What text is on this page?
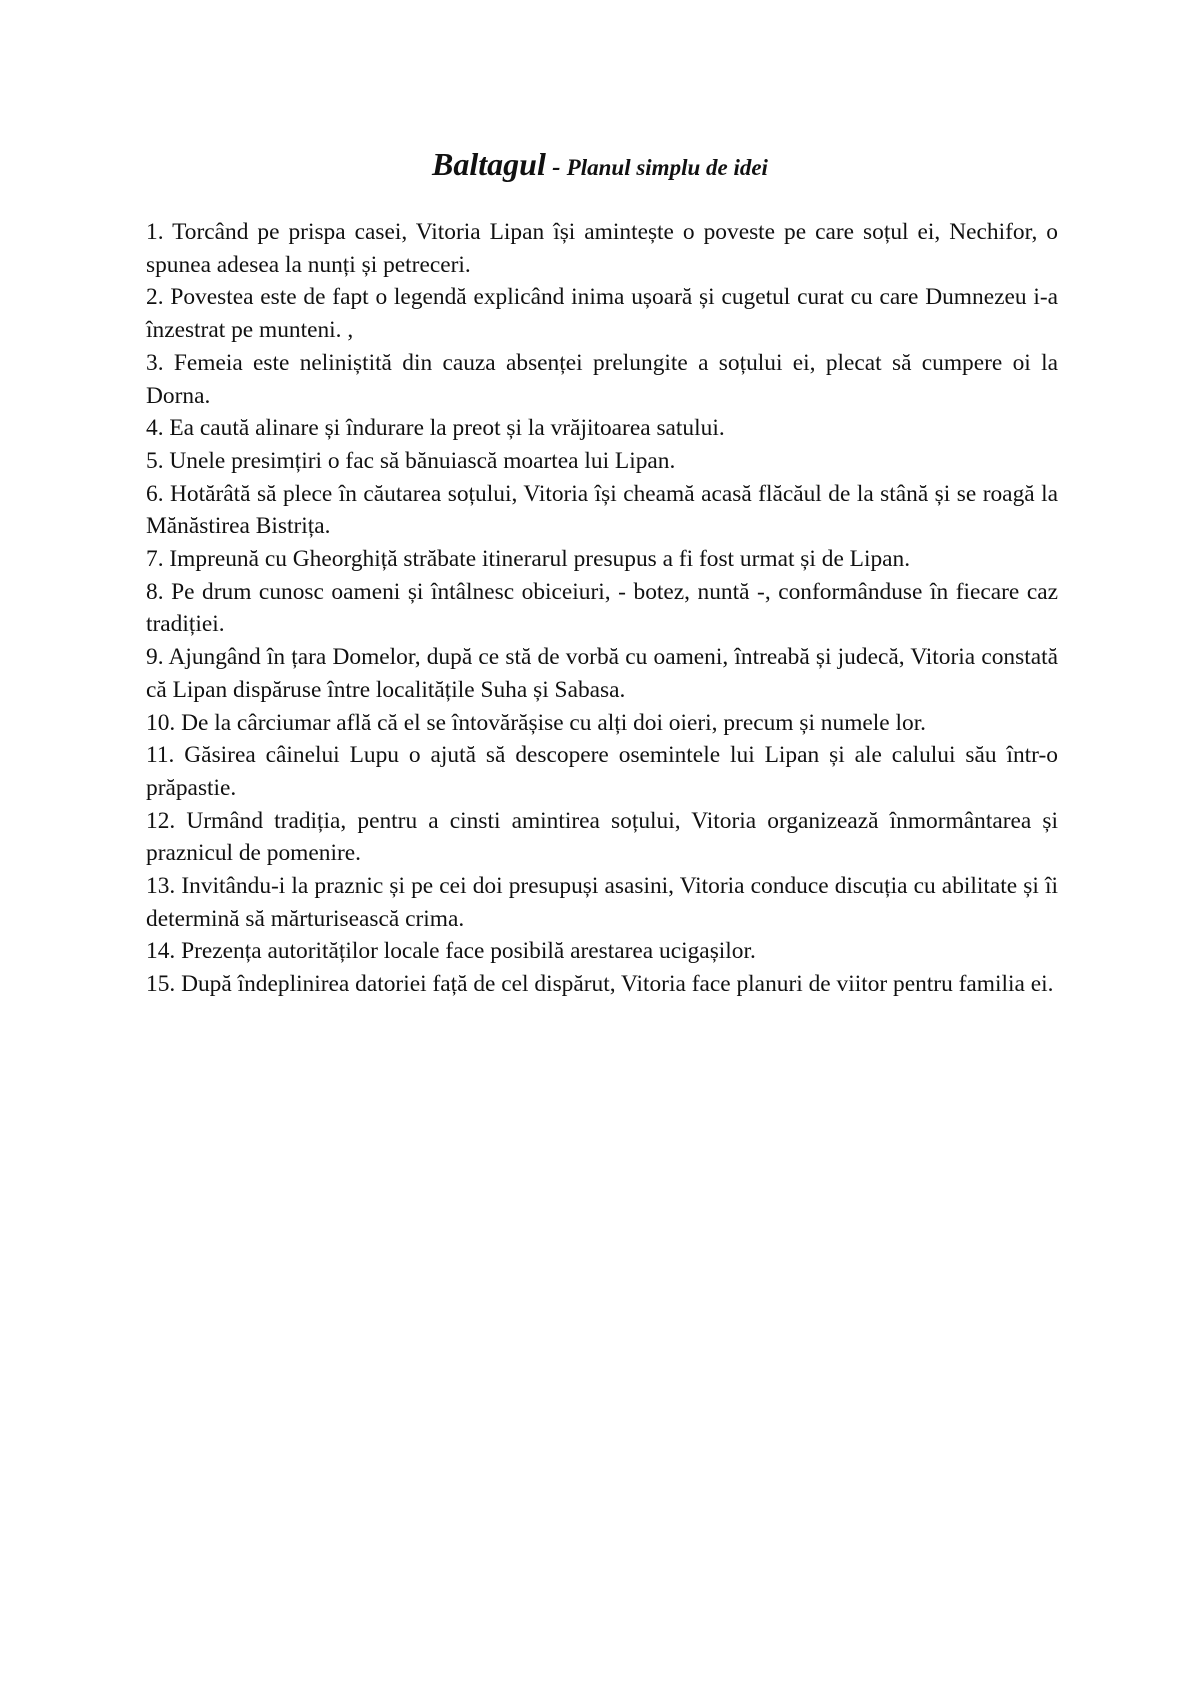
Baltagul - Planul simplu de idei

1. Torcând pe prispa casei, Vitoria Lipan își amintește o poveste pe care soțul ei, Nechifor, o spunea adesea la nunți și petreceri.

2. Povestea este de fapt o legendă explicând inima ușoară și cugetul curat cu care Dumnezeu i-a înzestrat pe munteni. ,

3. Femeia este neliniștită din cauza absenței prelungite a soțului ei, plecat să cumpere oi la Dorna.

4. Ea caută alinare și îndurare la preot și la vrăjitoarea satului.

5. Unele presimțiri o fac să bănuiască moartea lui Lipan.

6. Hotărâtă să plece în căutarea soțului, Vitoria își cheamă acasă flăcăul de la stână și se roagă la Mănăstirea Bistrița.

7. Impreună cu Gheorghiță străbate itinerarul presupus a fi fost urmat și de Lipan.

8. Pe drum cunosc oameni și întâlnesc obiceiuri, - botez, nuntă -, conformânduse în fiecare caz tradiției.

9. Ajungând în țara Domelor, după ce stă de vorbă cu oameni, întreabă și judecă, Vitoria constată că Lipan dispăruse între localitățile Suha și Sabasa.

10. De la cârciumar află că el se întovărășise cu alți doi oieri, precum și numele lor.

11. Găsirea câinelui Lupu o ajută să descopere osemintele lui Lipan și ale calului său într-o prăpastie.

12. Urmând tradiția, pentru a cinsti amintirea soțului, Vitoria organizează înmormântarea și praznicul de pomenire.

13. Invitându-i la praznic și pe cei doi presupuși asasini, Vitoria conduce discuția cu abilitate și îi determină să mărturisească crima.

14. Prezența autorităților locale face posibilă arestarea ucigașilor.

15. După îndeplinirea datoriei față de cel dispărut, Vitoria face planuri de viitor pentru familia ei.
